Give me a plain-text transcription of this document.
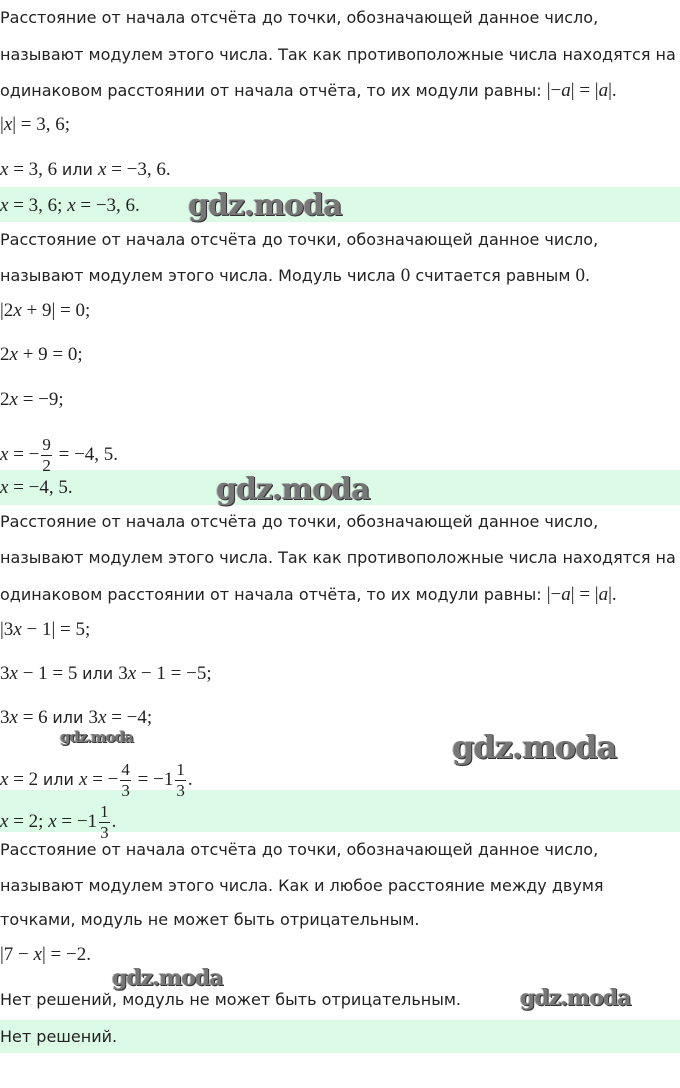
Расстояние от начала отсчёта до точки, обозначающей данное число,
называют модулем этого числа. Так как противоположные числа находятся на
одинаковом расстоянии от начала отчёта, то их модули равны: |−a| = |a|.
|x| = 3, 6;
x = 3, 6 или x = −3, 6.
x = 3, 6; x = −3, 6.
Расстояние от начала отсчёта до точки, обозначающей данное число,
называют модулем этого числа. Модуль числа 0 считается равным 0.
|2x + 9| = 0;
2x + 9 = 0;
2x = −9;
x = − $\frac{9}{2} = -4$, 5.
x = −4, 5.
Расстояние от начала отсчёта до точки, обозначающей данное число,
называют модулем этого числа. Так как противоположные числа находятся на
одинаковом расстоянии от начала отчёта, то их модули равны: |−a| = |a|.
|3x − 1| = 5;
3x − 1 = 5 или 3x − 1 = −5;
3x = 6 или 3x = −4;
x = 2 или x = − $\frac{4}{3} = -1 \frac{1}{3}$ .
x = 2; $x = -1 \frac{1}{3}$ .
Расстояние от начала отсчёта до точки, обозначающей данное число,
называют модулем этого числа. Как и любое расстояние между двумя
точками, модуль не может быть отрицательным.
|7 − x| = −2.
Нет решений, модуль не может быть отрицательным.
Нет решений.
gdz.moda
gdz.moda
gdz.moda	gdz.moda
gdz.moda
gdz.moda
